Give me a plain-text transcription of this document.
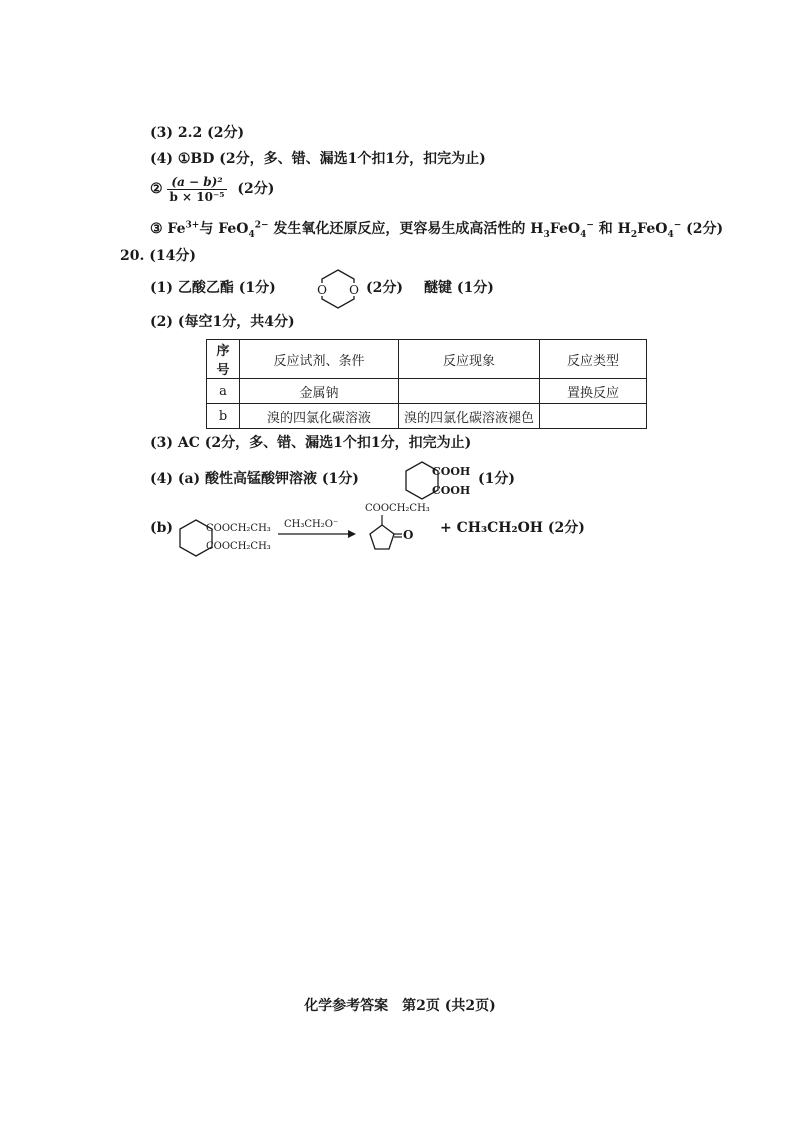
(3) 2.2 (2分)
(4) ①BD (2分，多、错、漏选1个扣1分，扣完为止)
② $\frac{\text{(a − b)²}}{\text{b × 10⁻⁵}} (2$分)
③ $Fe^{3+}$与 FeO$_4^{2-}$ 发生氧化还原反应，更容易生成高活性的 $H_3FeO_4^-$ 和 $H_2FeO_4^-$ (2分)
20. (14分)
(1) 乙酸乙酯 (1分)	O O (2分) 醚键 (1分)
(2) (每空1分，共4分)
序号	反应试剂、条件	反应现象	反应类型
a	金属钠		置换反应
b	溴的四氯化碳溶液	溴的四氯化碳溶液褪色	
(3) AC (2分，多、错、漏选1个扣1分，扣完为止)
(4) (a) 酸性高锰酸钾溶液 (1分)	COOH
COOH
(1分)
(b)	COOCH₂CH₃
COOCH₂CH₃
CH₃CH₂O⁻
COOCH₂CH₃
O + CH₃CH₂OH (2分)
化学参考答案　第2页 (共2页)
